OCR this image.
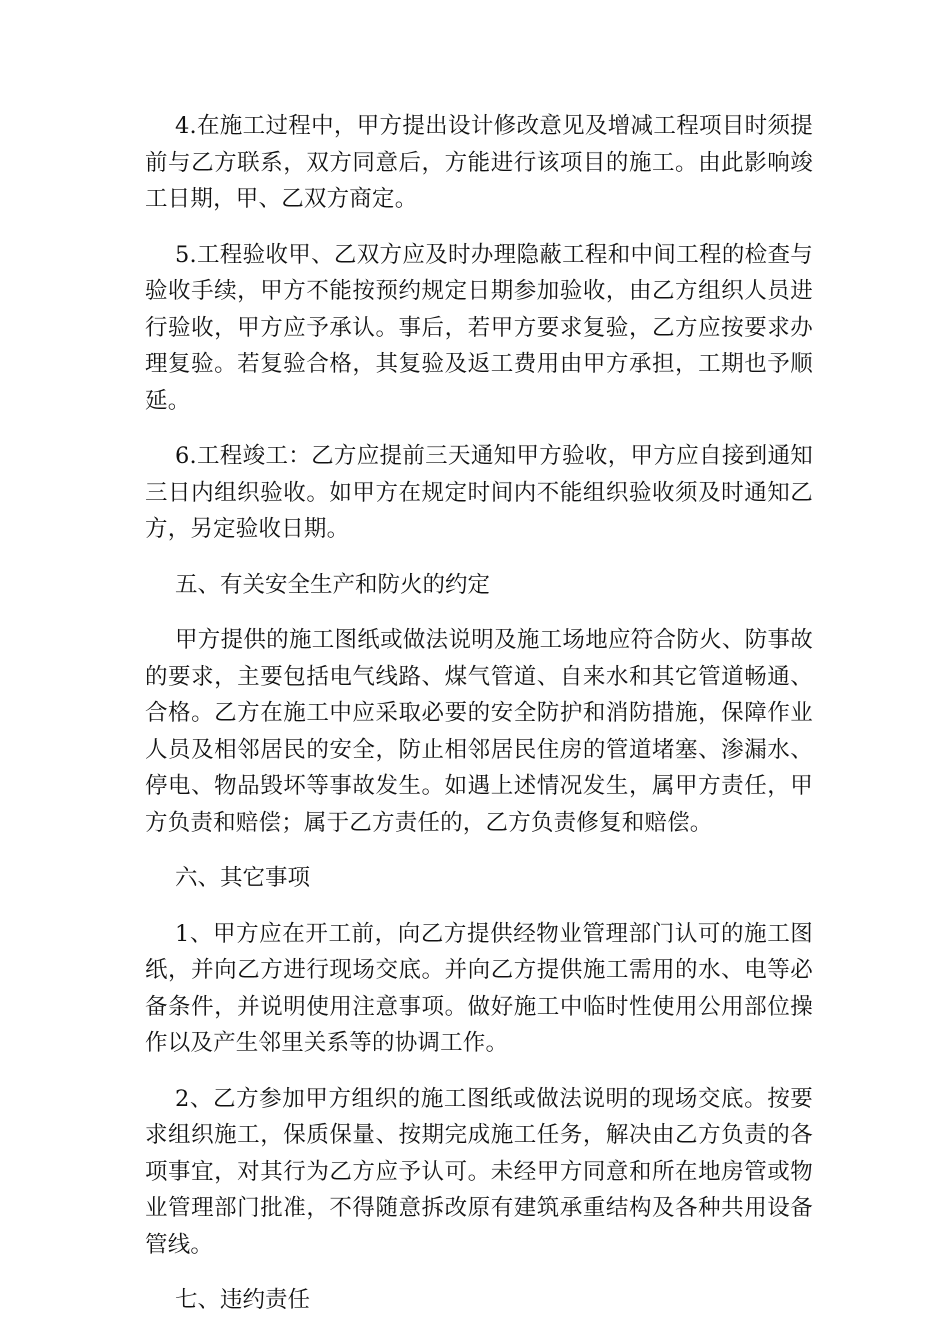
4.在施工过程中，甲方提出设计修改意见及增减工程项目时须提前与乙方联系，双方同意后，方能进行该项目的施工。由此影响竣工日期，甲、乙双方商定。

5.工程验收甲、乙双方应及时办理隐蔽工程和中间工程的检查与验收手续，甲方不能按预约规定日期参加验收，由乙方组织人员进行验收，甲方应予承认。事后，若甲方要求复验，乙方应按要求办理复验。若复验合格，其复验及返工费用由甲方承担，工期也予顺延。

6.工程竣工：乙方应提前三天通知甲方验收，甲方应自接到通知三日内组织验收。如甲方在规定时间内不能组织验收须及时通知乙方，另定验收日期。

五、有关安全生产和防火的约定

甲方提供的施工图纸或做法说明及施工场地应符合防火、防事故的要求，主要包括电气线路、煤气管道、自来水和其它管道畅通、合格。乙方在施工中应采取必要的安全防护和消防措施，保障作业人员及相邻居民的安全，防止相邻居民住房的管道堵塞、渗漏水、停电、物品毁坏等事故发生。如遇上述情况发生，属甲方责任，甲方负责和赔偿；属于乙方责任的，乙方负责修复和赔偿。

六、其它事项

1、甲方应在开工前，向乙方提供经物业管理部门认可的施工图纸，并向乙方进行现场交底。并向乙方提供施工需用的水、电等必备条件，并说明使用注意事项。做好施工中临时性使用公用部位操作以及产生邻里关系等的协调工作。

2、乙方参加甲方组织的施工图纸或做法说明的现场交底。按要求组织施工，保质保量、按期完成施工任务，解决由乙方负责的各项事宜，对其行为乙方应予认可。未经甲方同意和所在地房管或物业管理部门批准，不得随意拆改原有建筑承重结构及各种共用设备管线。

七、违约责任
